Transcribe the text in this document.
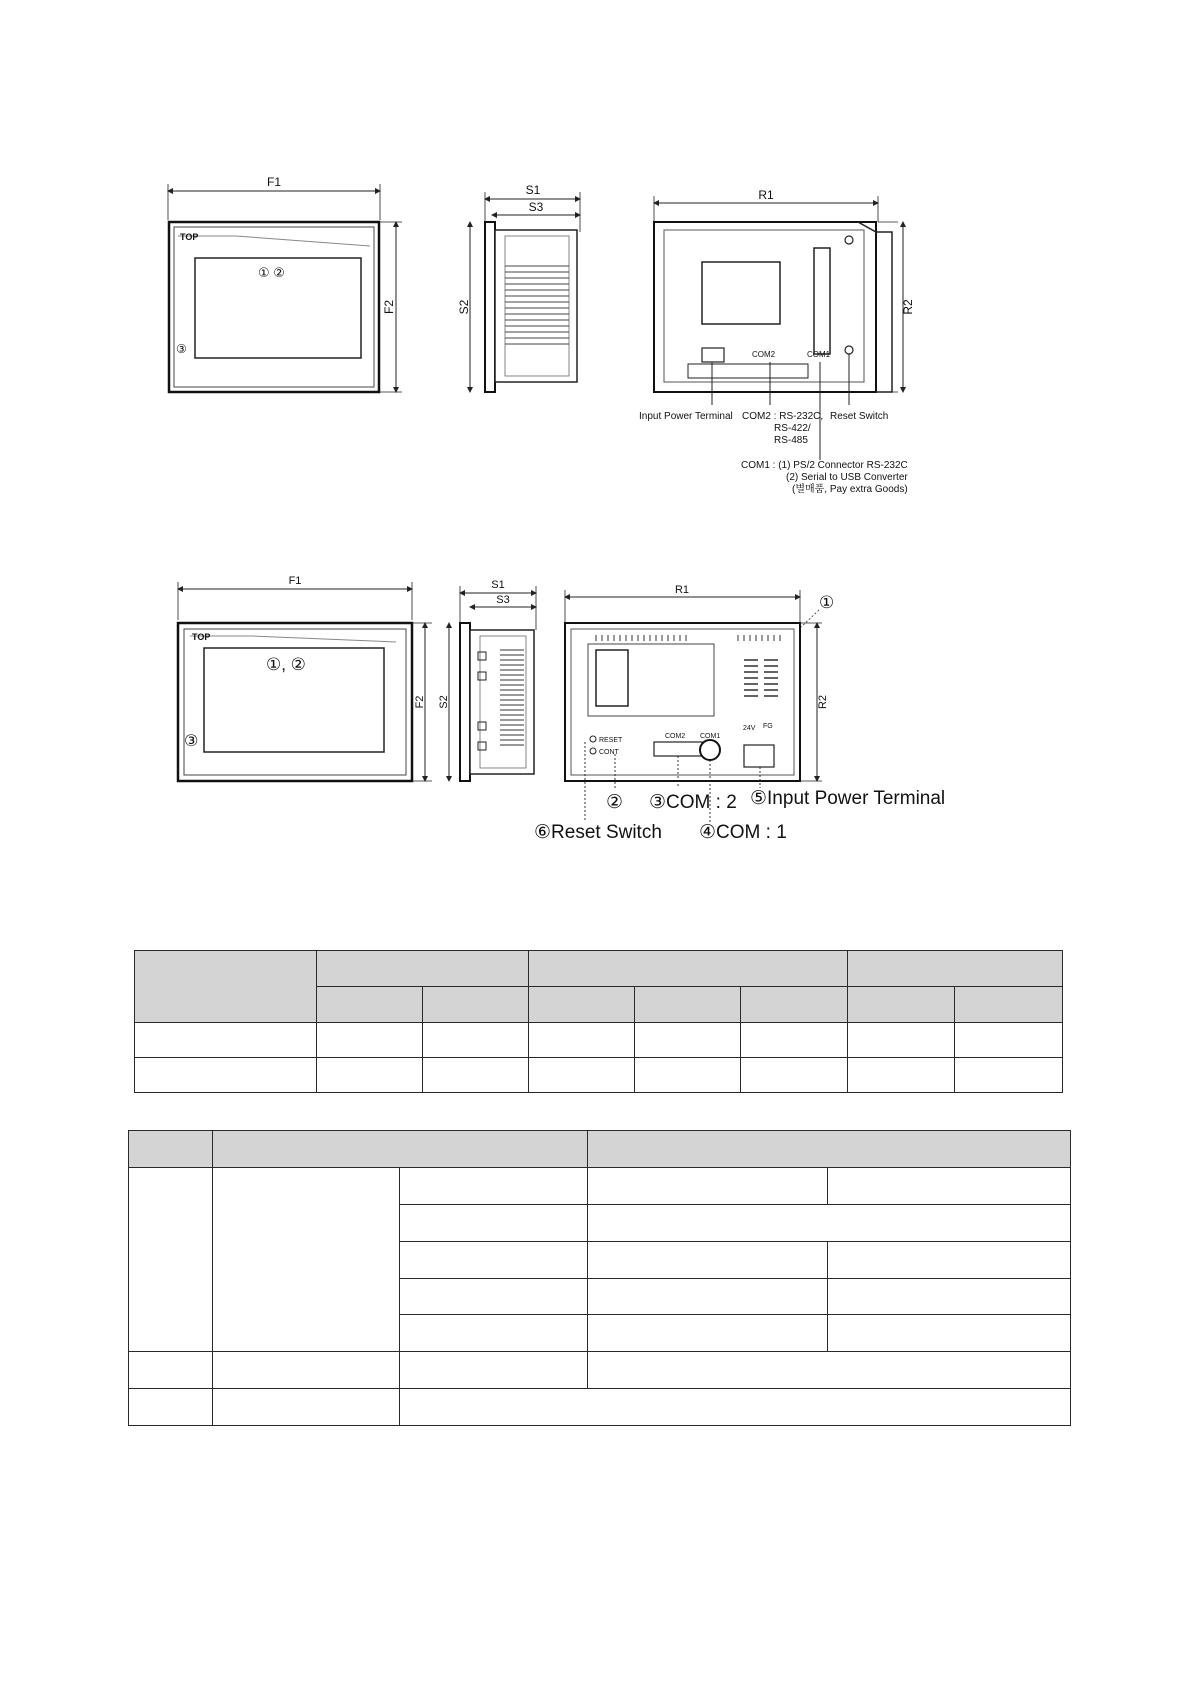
F1
TOP
① ②
③
F2
S1
S3
S2
R1
COM2	COM1
R2
Input Power Terminal COM2 : RS-232C,
RS-422/
RS-485
Reset Switch
COM1 : (1) PS/2 Connector RS-232C
(2) Serial to USB Converter
(별매품, Pay extra Goods)
F1
TOP
①, ②
③
F2
S1
S3
S2
R1
①
RESET
CONT
COM2 COM1
24V FG
R2
② ③COM : 2 ⑤Input Power Terminal
⑥Reset Switch ④COM : 1
